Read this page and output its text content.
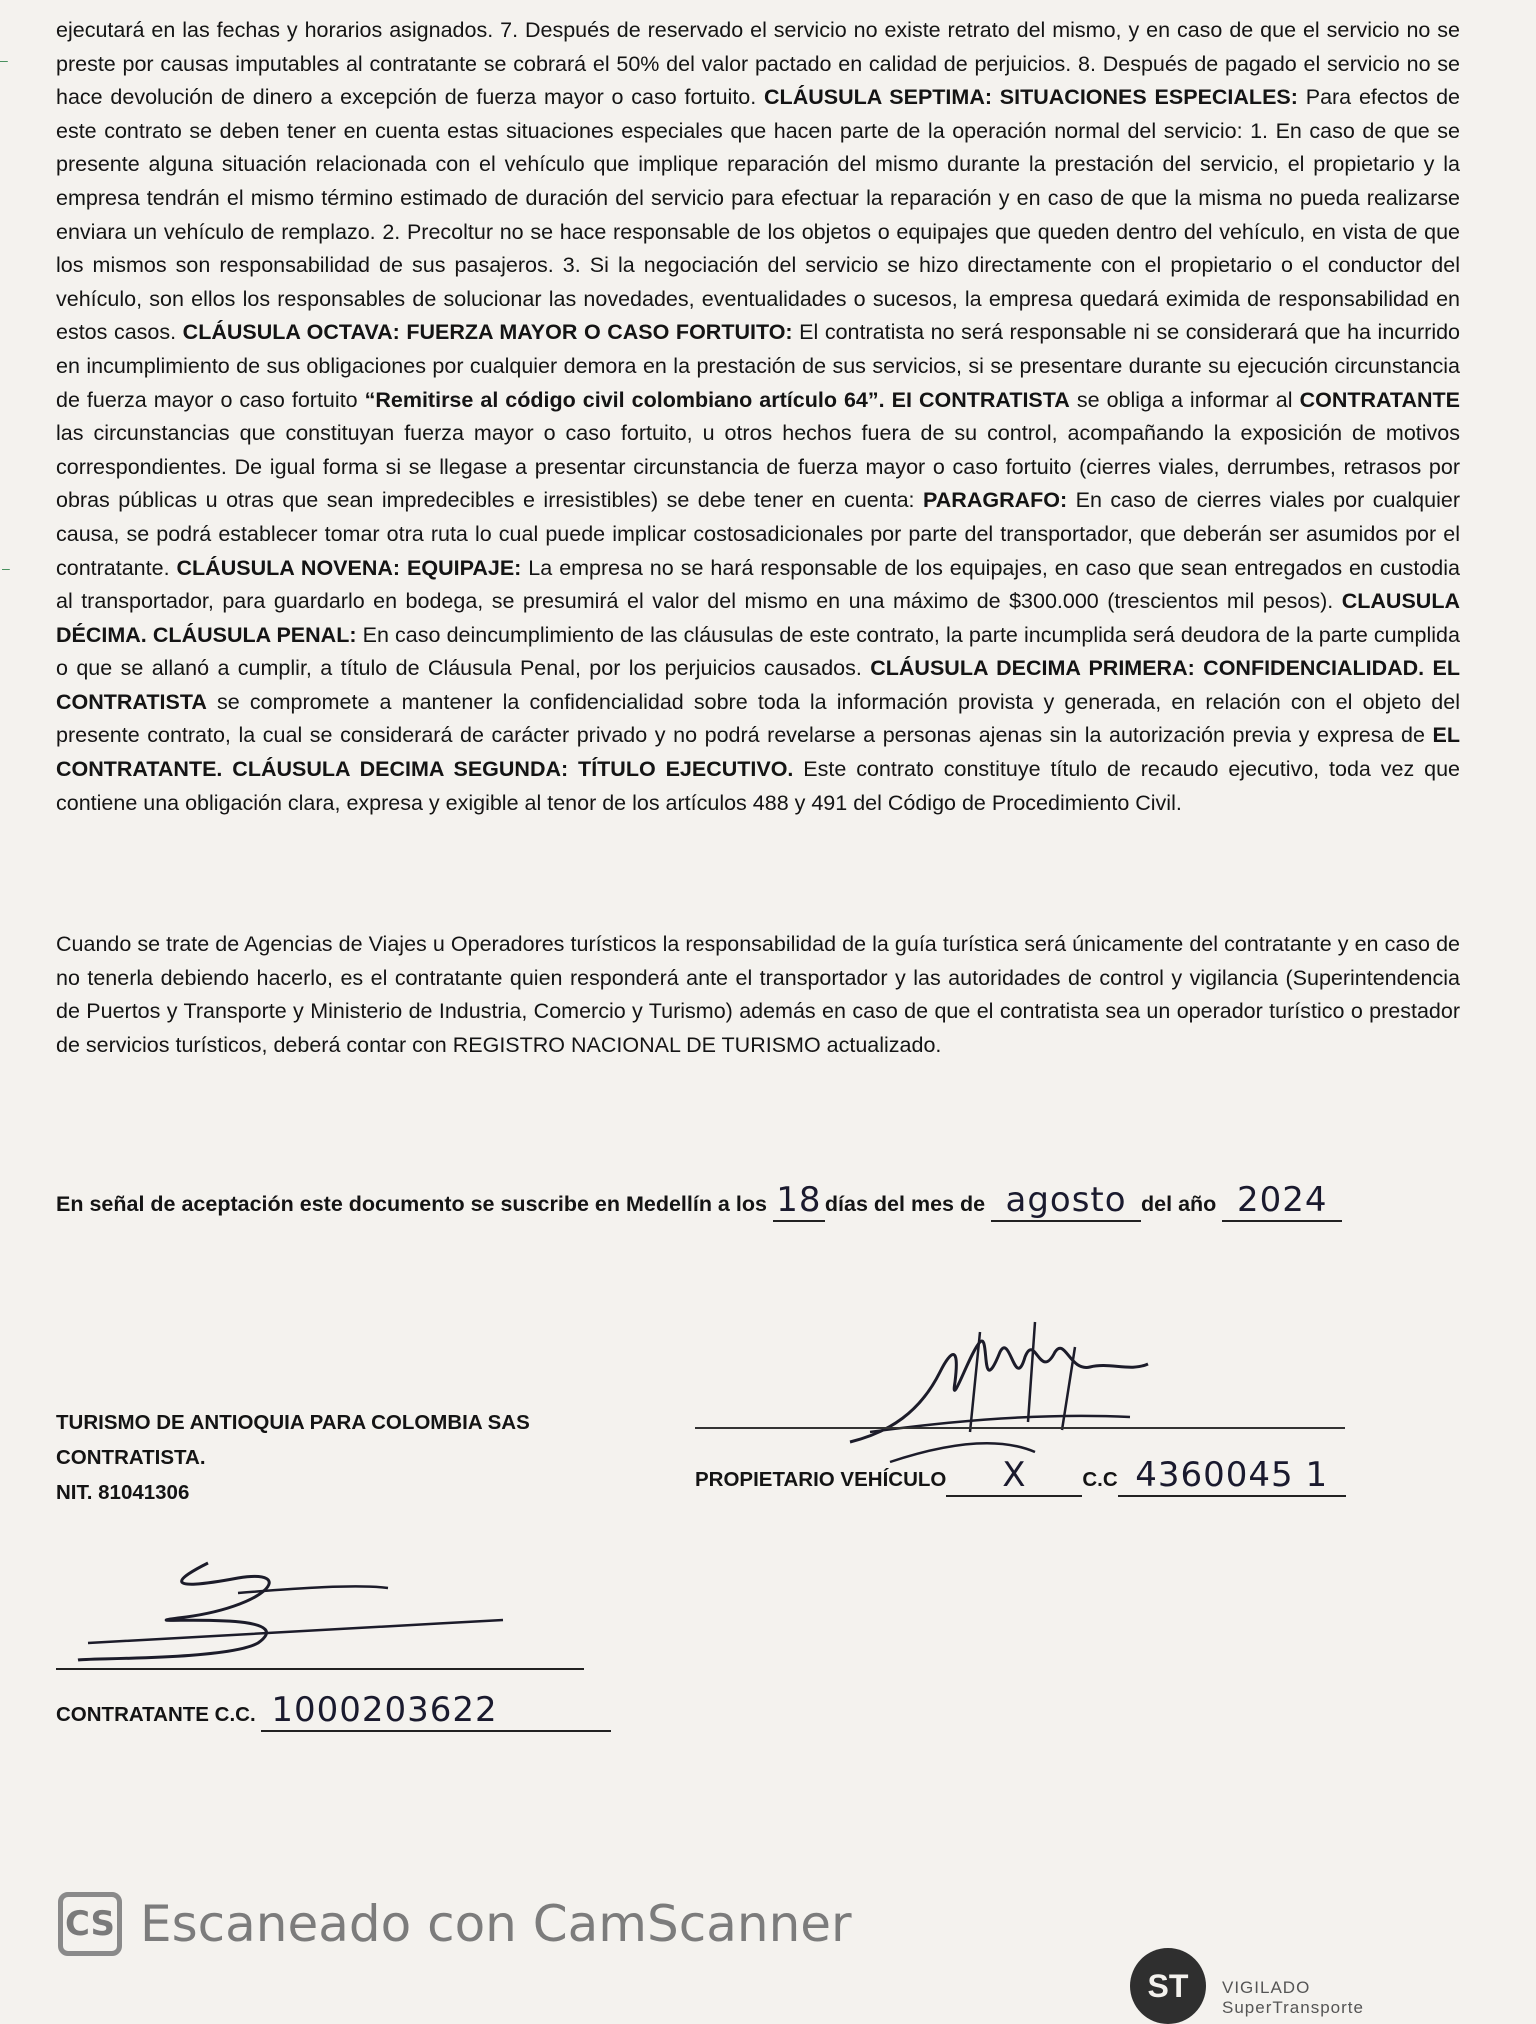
–
–
ejecutará en las fechas y horarios asignados. 7. Después de reservado el servicio no existe retrato del mismo, y en caso de que el servicio no se preste por causas imputables al contratante se cobrará el 50% del valor pactado en calidad de perjuicios. 8. Después de pagado el servicio no se hace devolución de dinero a excepción de fuerza mayor o caso fortuito. CLÁUSULA SEPTIMA: SITUACIONES ESPECIALES: Para efectos de este contrato se deben tener en cuenta estas situaciones especiales que hacen parte de la operación normal del servicio: 1. En caso de que se presente alguna situación relacionada con el vehículo que implique reparación del mismo durante la prestación del servicio, el propietario y la empresa tendrán el mismo término estimado de duración del servicio para efectuar la reparación y en caso de que la misma no pueda realizarse enviara un vehículo de remplazo. 2. Precoltur no se hace responsable de los objetos o equipajes que queden dentro del vehículo, en vista de que los mismos son responsabilidad de sus pasajeros. 3. Si la negociación del servicio se hizo directamente con el propietario o el conductor del vehículo, son ellos los responsables de solucionar las novedades, eventualidades o sucesos, la empresa quedará eximida de responsabilidad en estos casos. CLÁUSULA OCTAVA: FUERZA MAYOR O CASO FORTUITO: El contratista no será responsable ni se considerará que ha incurrido en incumplimiento de sus obligaciones por cualquier demora en la prestación de sus servicios, si se presentare durante su ejecución circunstancia de fuerza mayor o caso fortuito “Remitirse al código civil colombiano artículo 64”. EI CONTRATISTA se obliga a informar al CONTRATANTE las circunstancias que constituyan fuerza mayor o caso fortuito, u otros hechos fuera de su control, acompañando la exposición de motivos correspondientes. De igual forma si se llegase a presentar circunstancia de fuerza mayor o caso fortuito (cierres viales, derrumbes, retrasos por obras públicas u otras que sean impredecibles e irresistibles) se debe tener en cuenta: PARAGRAFO: En caso de cierres viales por cualquier causa, se podrá establecer tomar otra ruta lo cual puede implicar costosadicionales por parte del transportador, que deberán ser asumidos por el contratante. CLÁUSULA NOVENA: EQUIPAJE: La empresa no se hará responsable de los equipajes, en caso que sean entregados en custodia al transportador, para guardarlo en bodega, se presumirá el valor del mismo en una máximo de $300.000 (trescientos mil pesos). CLAUSULA DÉCIMA. CLÁUSULA PENAL: En caso deincumplimiento de las cláusulas de este contrato, la parte incumplida será deudora de la parte cumplida o que se allanó a cumplir, a título de Cláusula Penal, por los perjuicios causados. CLÁUSULA DECIMA PRIMERA: CONFIDENCIALIDAD. EL CONTRATISTA se compromete a mantener la confidencialidad sobre toda la información provista y generada, en relación con el objeto del presente contrato, la cual se considerará de carácter privado y no podrá revelarse a personas ajenas sin la autorización previa y expresa de EL CONTRATANTE. CLÁUSULA DECIMA SEGUNDA: TÍTULO EJECUTIVO. Este contrato constituye título de recaudo ejecutivo, toda vez que contiene una obligación clara, expresa y exigible al tenor de los artículos 488 y 491 del Código de Procedimiento Civil.
Cuando se trate de Agencias de Viajes u Operadores turísticos la responsabilidad de la guía turística será únicamente del contratante y en caso de no tenerla debiendo hacerlo, es el contratante quien responderá ante el transportador y las autoridades de control y vigilancia (Superintendencia de Puertos y Transporte y Ministerio de Industria, Comercio y Turismo) además en caso de que el contratista sea un operador turístico o prestador de servicios turísticos, deberá contar con REGISTRO NACIONAL DE TURISMO actualizado.
En señal de aceptación este documento se suscribe en Medellín a los 18 días del mes de agosto del año 2024
TURISMO DE ANTIOQUIA PARA COLOMBIA SAS
CONTRATISTA.
NIT. 81041306
PROPIETARIO VEHÍCULO X	C.C 4360045 1
CONTRATANTE C.C. 1000203622
CS Escaneado con CamScanner
ST	VIGILADO
SuperTransporte
